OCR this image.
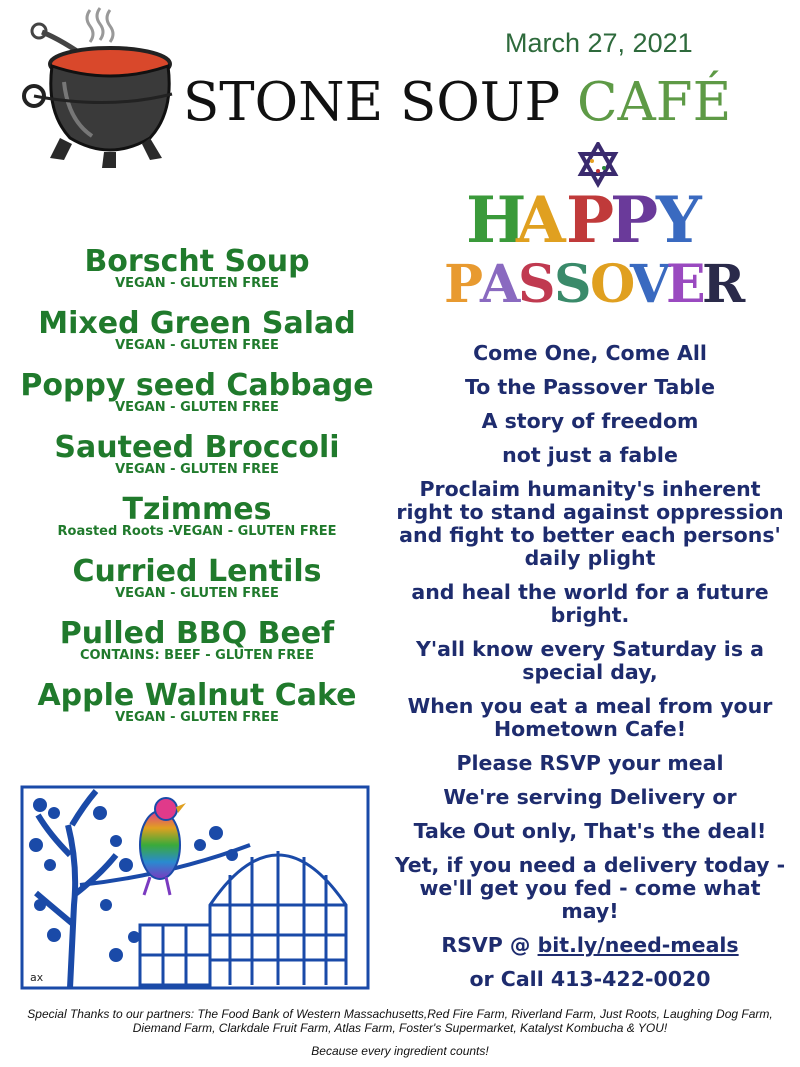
March 27, 2021
STONE SOUP CAFÉ
H
A P
P
Y
P
A
S
S
O
V
E
R
Borscht Soup
VEGAN - GLUTEN FREE
Mixed Green Salad
VEGAN - GLUTEN FREE
Poppy seed Cabbage
VEGAN - GLUTEN FREE
Sauteed Broccoli
VEGAN - GLUTEN FREE
Tzimmes
Roasted Roots -VEGAN - GLUTEN FREE
Curried Lentils
VEGAN - GLUTEN FREE
Pulled BBQ Beef
CONTAINS: BEEF - GLUTEN FREE
Apple Walnut Cake
VEGAN - GLUTEN FREE
Come One, Come All
To the Passover Table
A story of freedom
not just a fable
Proclaim humanity's inherent right to stand against oppression and fight to better each persons' daily plight
and heal the world for a future bright.
Y'all know every Saturday is a special day,
When you eat a meal from your Hometown Cafe!
Please RSVP your meal
We're serving Delivery or
Take Out only, That's the deal!
Yet, if you need a delivery today - we'll get you fed - come what may!
RSVP @ bit.ly/need-meals
or Call 413-422-0020
ax
Special Thanks to our partners: The Food Bank of Western Massachusetts,Red Fire Farm, Riverland Farm, Just Roots, Laughing Dog Farm, Diemand Farm, Clarkdale Fruit Farm, Atlas Farm, Foster's Supermarket, Katalyst Kombucha & YOU!
Because every ingredient counts!
